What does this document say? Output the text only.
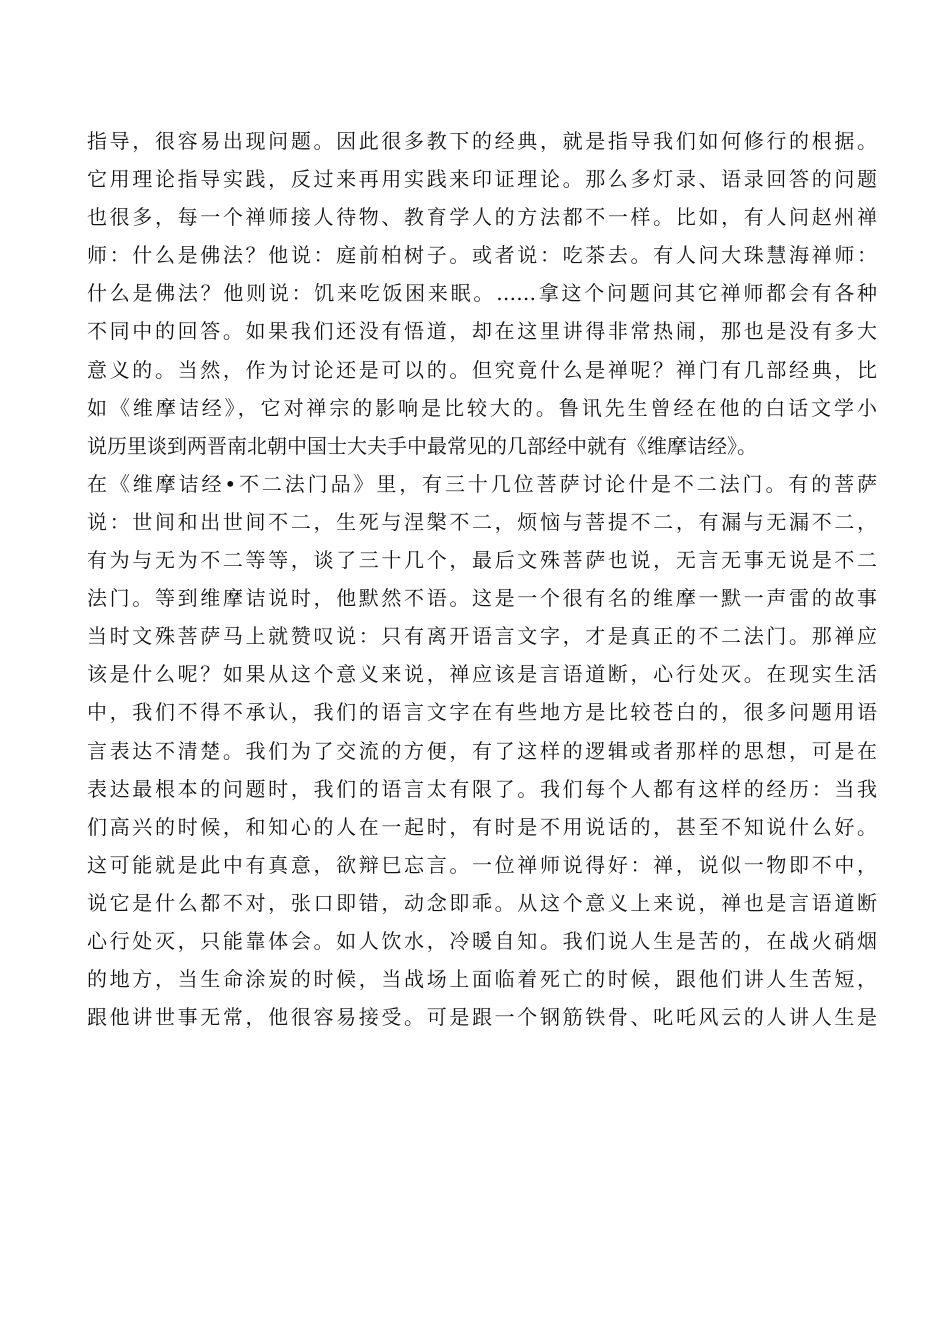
指导，很容易出现问题。因此很多教下的经典，就是指导我们如何修行的根据。
它用理论指导实践，反过来再用实践来印证理论。那么多灯录、语录回答的问题
也很多，每一个禅师接人待物、教育学人的方法都不一样。比如，有人问赵州禅
师：什么是佛法？他说：庭前柏树子。或者说：吃茶去。有人问大珠慧海禅师：
什么是佛法？他则说：饥来吃饭困来眠。……拿这个问题问其它禅师都会有各种
不同中的回答。如果我们还没有悟道，却在这里讲得非常热闹，那也是没有多大
意义的。当然，作为讨论还是可以的。但究竟什么是禅呢？禅门有几部经典，比
如《维摩诘经》，它对禅宗的影响是比较大的。鲁讯先生曾经在他的白话文学小
说历里谈到两晋南北朝中国士大夫手中最常见的几部经中就有《维摩诘经》。
在《维摩诘经•不二法门品》里，有三十几位菩萨讨论什是不二法门。有的菩萨
说：世间和出世间不二，生死与涅槃不二，烦恼与菩提不二，有漏与无漏不二，
有为与无为不二等等，谈了三十几个，最后文殊菩萨也说，无言无事无说是不二
法门。等到维摩诘说时，他默然不语。这是一个很有名的维摩一默一声雷的故事
当时文殊菩萨马上就赞叹说：只有离开语言文字，才是真正的不二法门。那禅应
该是什么呢？如果从这个意义来说，禅应该是言语道断，心行处灭。在现实生活
中，我们不得不承认，我们的语言文字在有些地方是比较苍白的，很多问题用语
言表达不清楚。我们为了交流的方便，有了这样的逻辑或者那样的思想，可是在
表达最根本的问题时，我们的语言太有限了。我们每个人都有这样的经历：当我
们高兴的时候，和知心的人在一起时，有时是不用说话的，甚至不知说什么好。
这可能就是此中有真意，欲辩巳忘言。一位禅师说得好：禅，说似一物即不中，
说它是什么都不对，张口即错，动念即乖。从这个意义上来说，禅也是言语道断
心行处灭，只能靠体会。如人饮水，冷暖自知。我们说人生是苦的，在战火硝烟
的地方，当生命涂炭的时候，当战场上面临着死亡的时候，跟他们讲人生苦短，
跟他讲世事无常，他很容易接受。可是跟一个钢筋铁骨、叱吒风云的人讲人生是
